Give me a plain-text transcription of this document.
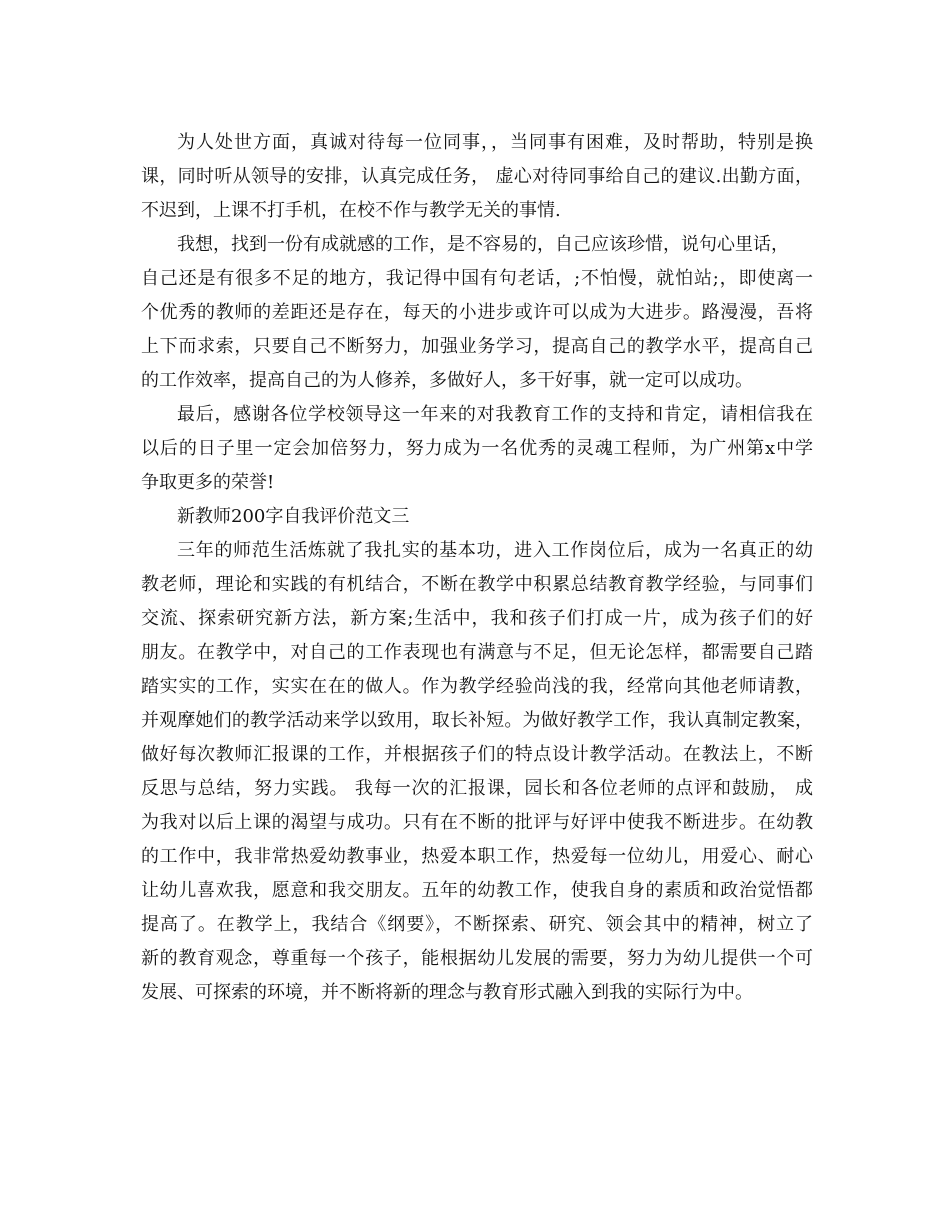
为人处世方面，真诚对待每一位同事，，当同事有困难，及时帮助，特别是换
课，同时听从领导的安排，认真完成任务， 虚心对待同事给自己的建议.出勤方面，
不迟到，上课不打手机，在校不作与教学无关的事情.
我想，找到一份有成就感的工作，是不容易的，自己应该珍惜，说句心里话，
自己还是有很多不足的地方，我记得中国有句老话，;不怕慢，就怕站;，即使离一
个优秀的教师的差距还是存在，每天的小进步或许可以成为大进步。路漫漫，吾将
上下而求索，只要自己不断努力，加强业务学习，提高自己的教学水平，提高自己
的工作效率，提高自己的为人修养，多做好人，多干好事，就一定可以成功。
最后，感谢各位学校领导这一年来的对我教育工作的支持和肯定，请相信我在
以后的日子里一定会加倍努力，努力成为一名优秀的灵魂工程师，为广州第x中学
争取更多的荣誉!
新教师200字自我评价范文三
三年的师范生活炼就了我扎实的基本功，进入工作岗位后，成为一名真正的幼
教老师，理论和实践的有机结合，不断在教学中积累总结教育教学经验，与同事们
交流、探索研究新方法，新方案;生活中，我和孩子们打成一片，成为孩子们的好
朋友。在教学中，对自己的工作表现也有满意与不足，但无论怎样，都需要自己踏
踏实实的工作，实实在在的做人。作为教学经验尚浅的我，经常向其他老师请教，
并观摩她们的教学活动来学以致用，取长补短。为做好教学工作，我认真制定教案，
做好每次教师汇报课的工作，并根据孩子们的特点设计教学活动。在教法上，不断
反思与总结，努力实践。 我每一次的汇报课，园长和各位老师的点评和鼓励， 成
为我对以后上课的渴望与成功。只有在不断的批评与好评中使我不断进步。在幼教
的工作中，我非常热爱幼教事业，热爱本职工作，热爱每一位幼儿，用爱心、耐心
让幼儿喜欢我，愿意和我交朋友。五年的幼教工作，使我自身的素质和政治觉悟都
提高了。在教学上，我结合《纲要》，不断探索、研究、领会其中的精神，树立了
新的教育观念，尊重每一个孩子，能根据幼儿发展的需要，努力为幼儿提供一个可
发展、可探索的环境，并不断将新的理念与教育形式融入到我的实际行为中。
